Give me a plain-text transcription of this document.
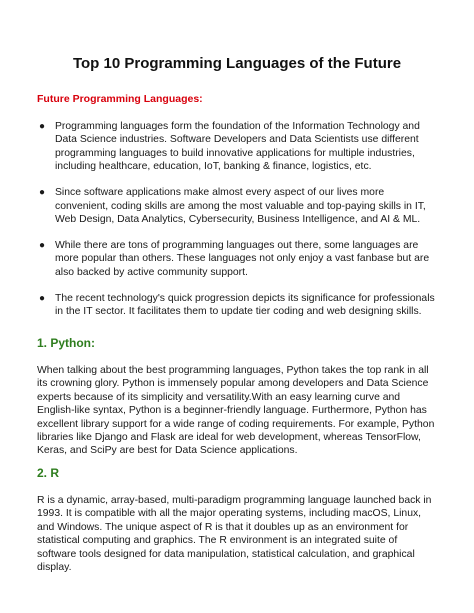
Top 10 Programming Languages of the Future
Future Programming Languages:
● Programming languages form the foundation of the Information Technology and Data Science industries. Software Developers and Data Scientists use different programming languages to build innovative applications for multiple industries, including healthcare, education, IoT, banking & finance, logistics, etc.
● Since software applications make almost every aspect of our lives more convenient, coding skills are among the most valuable and top-paying skills in IT, Web Design, Data Analytics, Cybersecurity, Business Intelligence, and AI & ML.
● While there are tons of programming languages out there, some languages are more popular than others. These languages not only enjoy a vast fanbase but are also backed by active community support.
● The recent technology's quick progression depicts its significance for professionals in the IT sector. It facilitates them to update tier coding and web designing skills.
1. Python:

When talking about the best programming languages, Python takes the top rank in all its crowning glory. Python is immensely popular among developers and Data Science experts because of its simplicity and versatility.With an easy learning curve and English-like syntax, Python is a beginner-friendly language. Furthermore, Python has excellent library support for a wide range of coding requirements. For example, Python libraries like Django and Flask are ideal for web development, whereas TensorFlow, Keras, and SciPy are best for Data Science applications.

2. R

R is a dynamic, array-based, multi-paradigm programming language launched back in 1993. It is compatible with all the major operating systems, including macOS, Linux, and Windows. The unique aspect of R is that it doubles up as an environment for statistical computing and graphics. The R environment is an integrated suite of software tools designed for data manipulation, statistical calculation, and graphical display.
